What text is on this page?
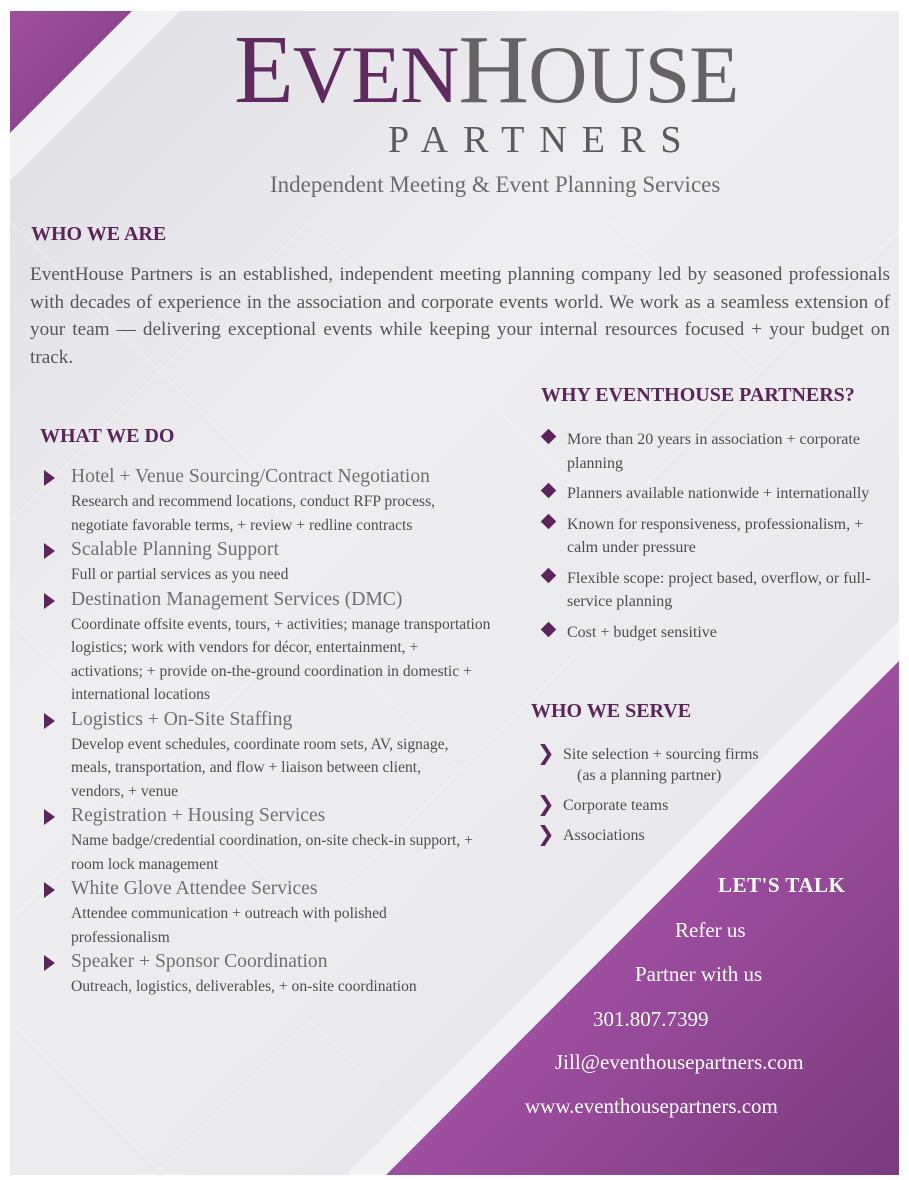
EVENHOUSE
PARTNERS
Independent Meeting & Event Planning Services
WHO WE ARE
EventHouse Partners is an established, independent meeting planning company led by seasoned professionals with decades of experience in the association and corporate events world. We work as a seamless extension of your team — delivering exceptional events while keeping your internal resources focused + your budget on track.
WHAT WE DO
Hotel + Venue Sourcing/Contract Negotiation
Research and recommend locations, conduct RFP process, negotiate favorable terms, + review + redline contracts
Scalable Planning Support
Full or partial services as you need
Destination Management Services (DMC)
Coordinate offsite events, tours, + activities; manage transportation logistics; work with vendors for décor, entertainment, + activations; + provide on-the-ground coordination in domestic + international locations
Logistics + On-Site Staffing
Develop event schedules, coordinate room sets, AV, signage, meals, transportation, and flow + liaison between client, vendors, + venue
Registration + Housing Services
Name badge/credential coordination, on-site check-in support, + room lock management
White Glove Attendee Services
Attendee communication + outreach with polished professionalism
Speaker + Sponsor Coordination
Outreach, logistics, deliverables, + on-site coordination
WHY EVENTHOUSE PARTNERS?
More than 20 years in association + corporate planning
Planners available nationwide + internationally
Known for responsiveness, professionalism, + calm under pressure
Flexible scope: project based, overflow, or full-service planning
Cost + budget sensitive
WHO WE SERVE
❯ Site selection + sourcing firms
(as a planning partner)
❯ Corporate teams
❯ Associations
LET'S TALK
Refer us
Partner with us
301.807.7399
Jill@eventhousepartners.com
www.eventhousepartners.com
